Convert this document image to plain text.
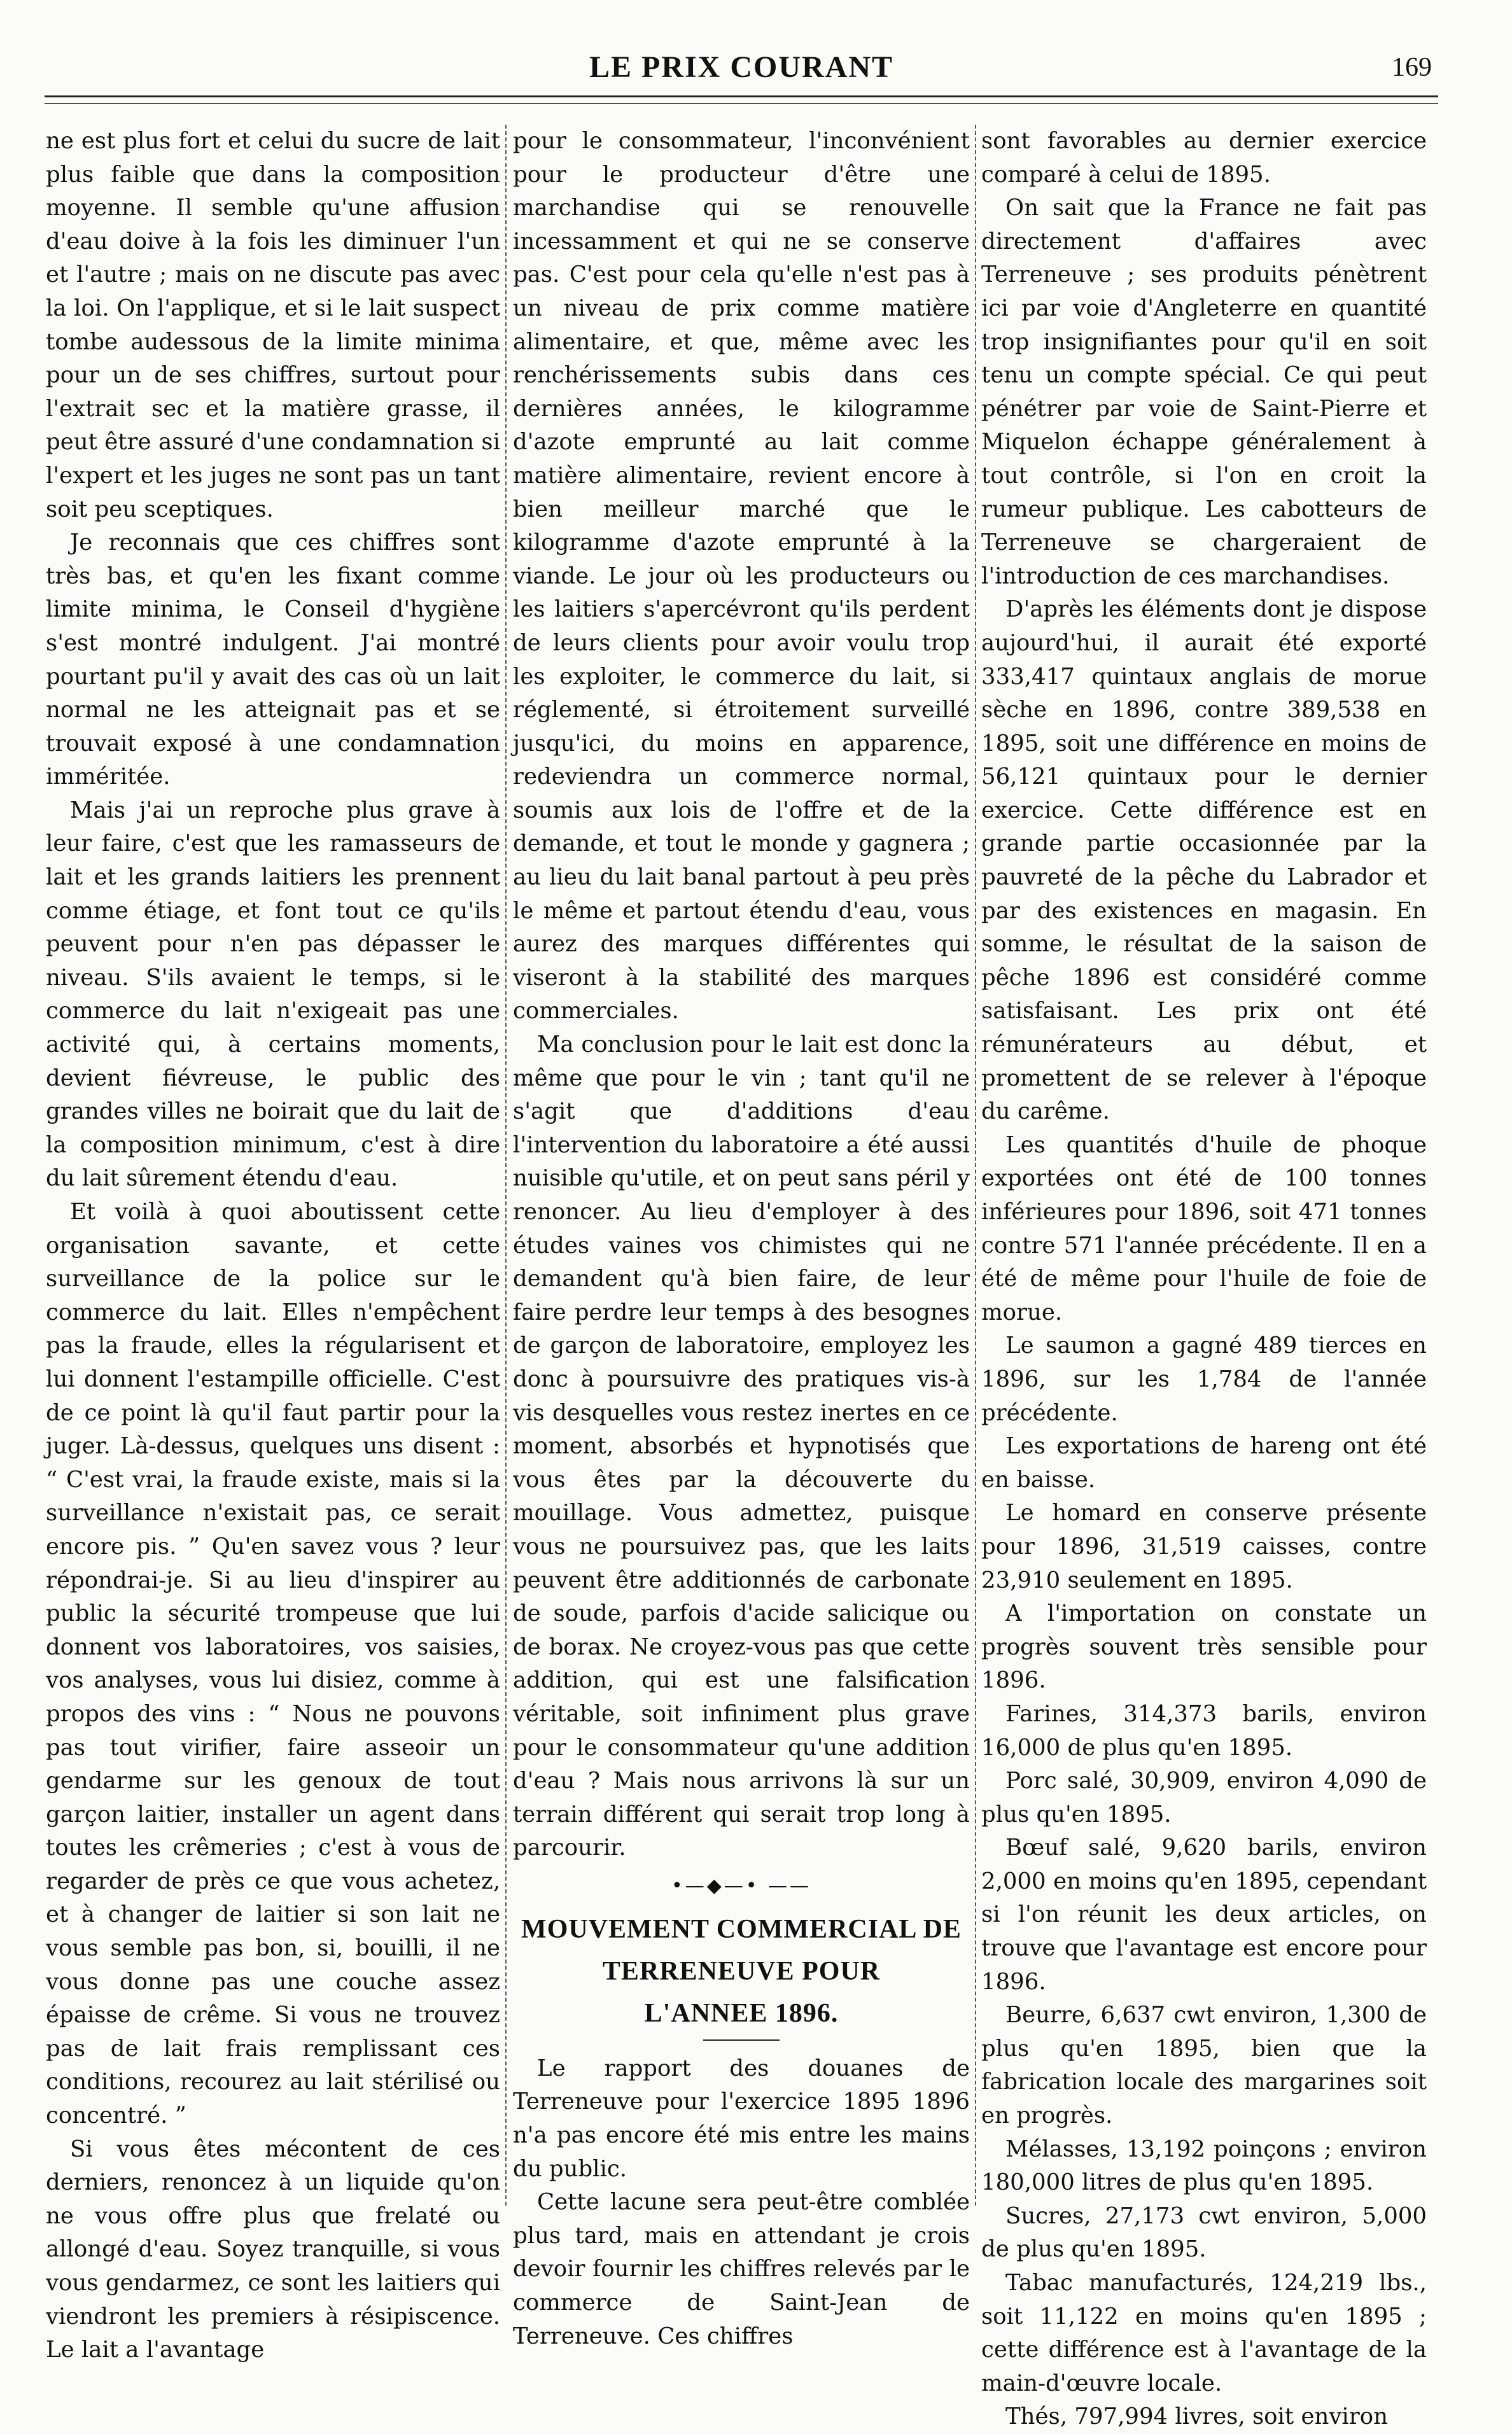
LE PRIX COURANT	169

ne est plus fort et celui du sucre de lait plus faible que dans la composition moyenne. Il semble qu'une affusion d'eau doive à la fois les diminuer l'un et l'autre ; mais on ne discute pas avec la loi. On l'applique, et si le lait suspect tombe audessous de la limite minima pour un de ses chiffres, surtout pour l'extrait sec et la matière grasse, il peut être assuré d'une condamnation si l'expert et les juges ne sont pas un tant soit peu sceptiques.

Je reconnais que ces chiffres sont très bas, et qu'en les fixant comme limite minima, le Conseil d'hygiène s'est montré indulgent. J'ai montré pourtant pu'il y avait des cas où un lait normal ne les atteignait pas et se trouvait exposé à une condamnation imméritée.

Mais j'ai un reproche plus grave à leur faire, c'est que les ramasseurs de lait et les grands laitiers les prennent comme étiage, et font tout ce qu'ils peuvent pour n'en pas dépasser le niveau. S'ils avaient le temps, si le commerce du lait n'exigeait pas une activité qui, à certains moments, devient fiévreuse, le public des grandes villes ne boirait que du lait de la composition minimum, c'est à dire du lait sûrement étendu d'eau.

Et voilà à quoi aboutissent cette organisation savante, et cette surveillance de la police sur le commerce du lait. Elles n'empêchent pas la fraude, elles la régularisent et lui donnent l'estampille officielle. C'est de ce point là qu'il faut partir pour la juger. Là-dessus, quelques uns disent : “ C'est vrai, la fraude existe, mais si la surveillance n'existait pas, ce serait encore pis. ” Qu'en savez vous ? leur répondrai-je. Si au lieu d'inspirer au public la sécurité trompeuse que lui donnent vos laboratoires, vos saisies, vos analyses, vous lui disiez, comme à propos des vins : “ Nous ne pouvons pas tout virifier, faire asseoir un gendarme sur les genoux de tout garçon laitier, installer un agent dans toutes les crêmeries ; c'est à vous de regarder de près ce que vous achetez, et à changer de laitier si son lait ne vous semble pas bon, si, bouilli, il ne vous donne pas une couche assez épaisse de crême. Si vous ne trouvez pas de lait frais remplissant ces conditions, recourez au lait stérilisé ou concentré. ”

Si vous êtes mécontent de ces derniers, renoncez à un liquide qu'on ne vous offre plus que frelaté ou allongé d'eau. Soyez tranquille, si vous vous gendarmez, ce sont les laitiers qui viendront les premiers à résipiscence. Le lait a l'avantage

pour le consommateur, l'inconvénient pour le producteur d'être une marchandise qui se renouvelle incessamment et qui ne se conserve pas. C'est pour cela qu'elle n'est pas à un niveau de prix comme matière alimentaire, et que, même avec les renchérissements subis dans ces dernières années, le kilogramme d'azote emprunté au lait comme matière alimentaire, revient encore à bien meilleur marché que le kilogramme d'azote emprunté à la viande. Le jour où les producteurs ou les laitiers s'apercévront qu'ils perdent de leurs clients pour avoir voulu trop les exploiter, le commerce du lait, si réglementé, si étroitement surveillé jusqu'ici, du moins en apparence, redeviendra un commerce normal, soumis aux lois de l'offre et de la demande, et tout le monde y gagnera ; au lieu du lait banal partout à peu près le même et partout étendu d'eau, vous aurez des marques différentes qui viseront à la stabilité des marques commerciales.

Ma conclusion pour le lait est donc la même que pour le vin ; tant qu'il ne s'agit que d'additions d'eau l'intervention du laboratoire a été aussi nuisible qu'utile, et on peut sans péril y renoncer. Au lieu d'employer à des études vaines vos chimistes qui ne demandent qu'à bien faire, de leur faire perdre leur temps à des besognes de garçon de laboratoire, employez les donc à poursuivre des pratiques vis-à vis desquelles vous restez inertes en ce moment, absorbés et hypnotisés que vous êtes par la découverte du mouillage. Vous admettez, puisque vous ne poursuivez pas, que les laits peuvent être additionnés de carbonate de soude, parfois d'acide salicique ou de borax. Ne croyez-vous pas que cette addition, qui est une falsification véritable, soit infiniment plus grave pour le consommateur qu'une addition d'eau ? Mais nous arrivons là sur un terrain différent qui serait trop long à parcourir.

•—◆—• ——
MOUVEMENT COMMERCIAL DE
TERRENEUVE POUR
L'ANNEE 1896.

Le rapport des douanes de Terreneuve pour l'exercice 1895 1896 n'a pas encore été mis entre les mains du public.

Cette lacune sera peut-être comblée plus tard, mais en attendant je crois devoir fournir les chiffres relevés par le commerce de Saint-Jean de Terreneuve. Ces chiffres

sont favorables au dernier exercice comparé à celui de 1895.

On sait que la France ne fait pas directement d'affaires avec Terreneuve ; ses produits pénètrent ici par voie d'Angleterre en quantité trop insignifiantes pour qu'il en soit tenu un compte spécial. Ce qui peut pénétrer par voie de Saint-Pierre et Miquelon échappe généralement à tout contrôle, si l'on en croit la rumeur publique. Les cabotteurs de Terreneuve se chargeraient de l'introduction de ces marchandises.

D'après les éléments dont je dispose aujourd'hui, il aurait été exporté 333,417 quintaux anglais de morue sèche en 1896, contre 389,538 en 1895, soit une différence en moins de 56,121 quintaux pour le dernier exercice. Cette différence est en grande partie occasionnée par la pauvreté de la pêche du Labrador et par des existences en magasin. En somme, le résultat de la saison de pêche 1896 est considéré comme satisfaisant. Les prix ont été rémunérateurs au début, et promettent de se relever à l'époque du carême.

Les quantités d'huile de phoque exportées ont été de 100 tonnes inférieures pour 1896, soit 471 tonnes contre 571 l'année précédente. Il en a été de même pour l'huile de foie de morue.

Le saumon a gagné 489 tierces en 1896, sur les 1,784 de l'année précédente.

Les exportations de hareng ont été en baisse.

Le homard en conserve présente pour 1896, 31,519 caisses, contre 23,910 seulement en 1895.

A l'importation on constate un progrès souvent très sensible pour 1896.

Farines, 314,373 barils, environ 16,000 de plus qu'en 1895.

Porc salé, 30,909, environ 4,090 de plus qu'en 1895.

Bœuf salé, 9,620 barils, environ 2,000 en moins qu'en 1895, cependant si l'on réunit les deux articles, on trouve que l'avantage est encore pour 1896.

Beurre, 6,637 cwt environ, 1,300 de plus qu'en 1895, bien que la fabrication locale des margarines soit en progrès.

Mélasses, 13,192 poinçons ; environ 180,000 litres de plus qu'en 1895.

Sucres, 27,173 cwt environ, 5,000 de plus qu'en 1895.

Tabac manufacturés, 124,219 lbs., soit 11,122 en moins qu'en 1895 ; cette différence est à l'avantage de la main-d'œuvre locale.

Thés, 797,994 livres, soit environ
